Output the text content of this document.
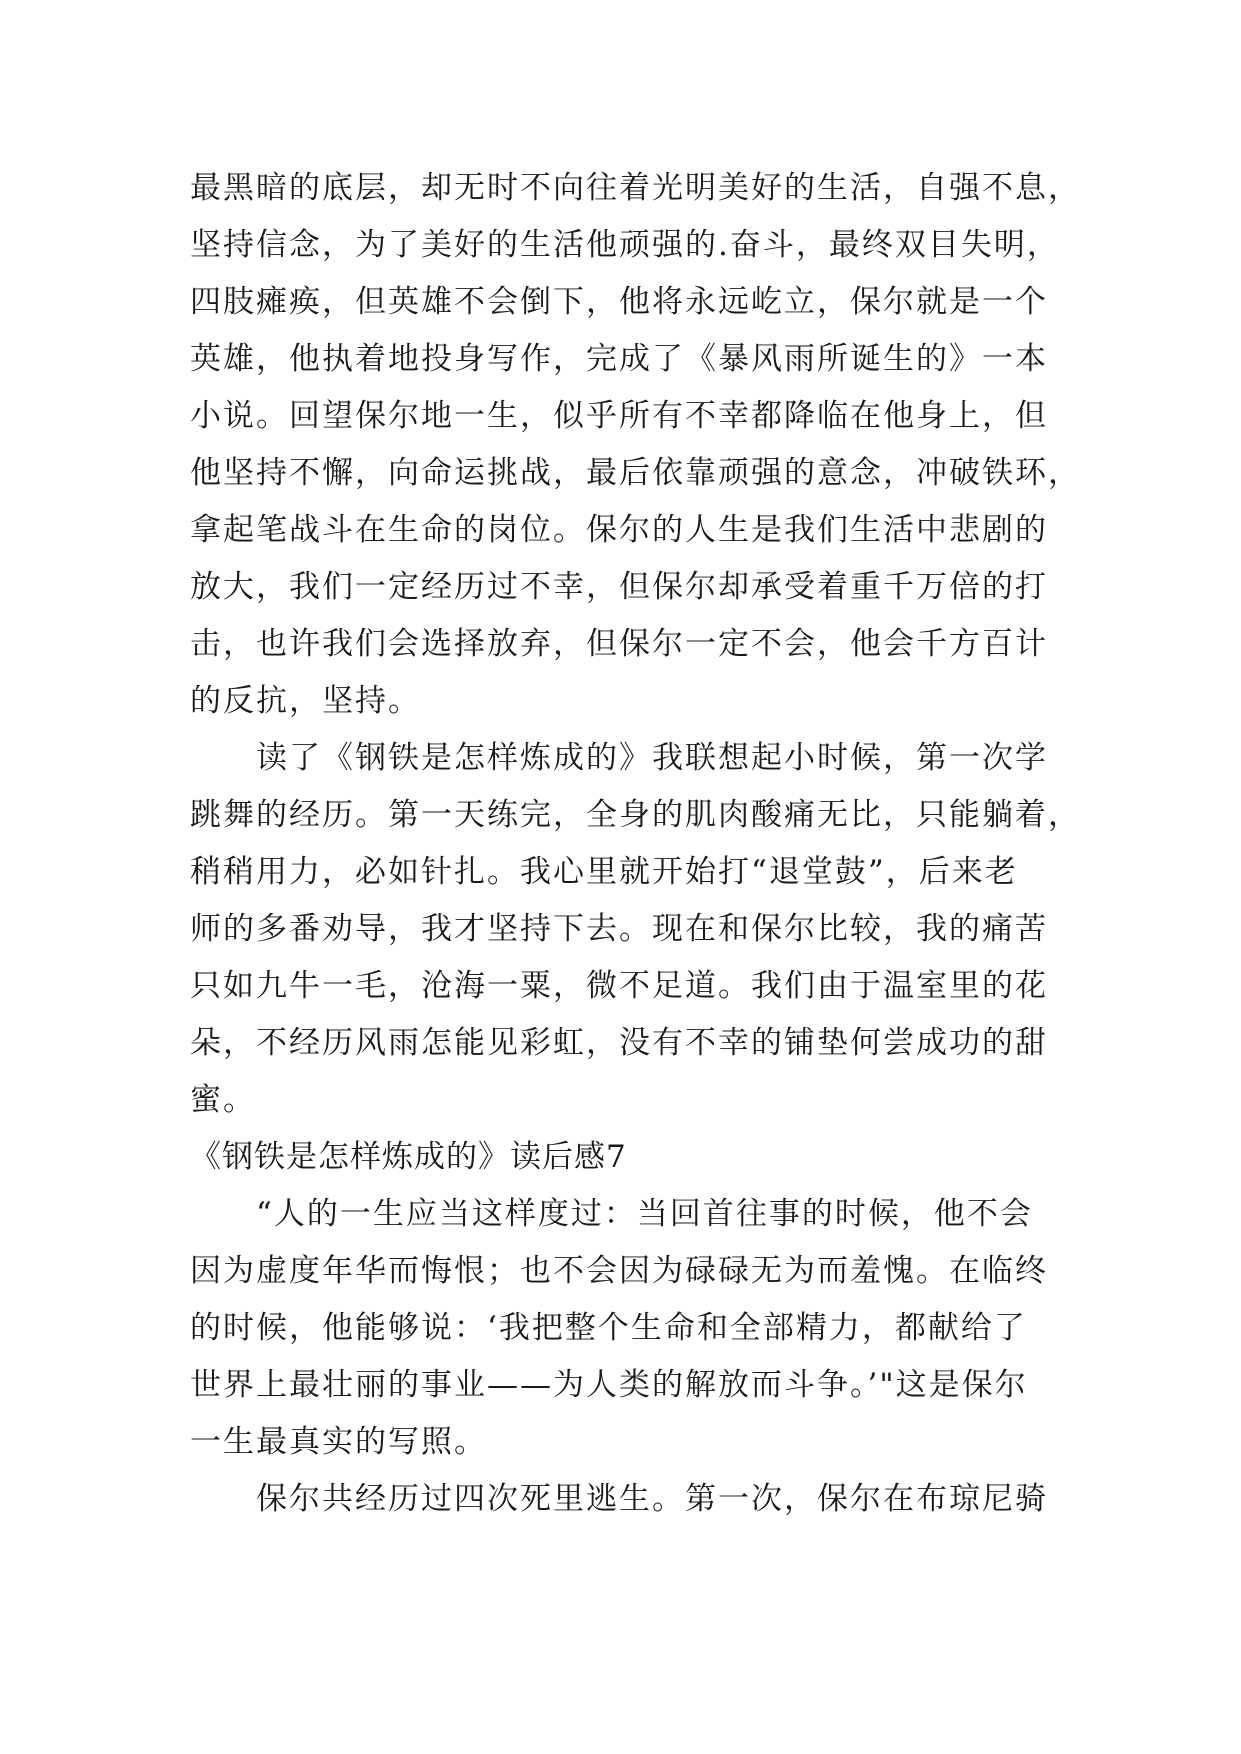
最黑暗的底层，却无时不向往着光明美好的生活，自强不息，
坚持信念，为了美好的生活他顽强的.奋斗，最终双目失明，
四肢瘫痪，但英雄不会倒下，他将永远屹立，保尔就是一个
英雄，他执着地投身写作，完成了《暴风雨所诞生的》一本
小说。回望保尔地一生，似乎所有不幸都降临在他身上，但
他坚持不懈，向命运挑战，最后依靠顽强的意念，冲破铁环，
拿起笔战斗在生命的岗位。保尔的人生是我们生活中悲剧的
放大，我们一定经历过不幸，但保尔却承受着重千万倍的打
击，也许我们会选择放弃，但保尔一定不会，他会千方百计
的反抗，坚持。
读了《钢铁是怎样炼成的》我联想起小时候，第一次学
跳舞的经历。第一天练完，全身的肌肉酸痛无比，只能躺着，
稍稍用力，必如针扎。我心里就开始打“退堂鼓”，后来老
师的多番劝导，我才坚持下去。现在和保尔比较，我的痛苦
只如九牛一毛，沧海一粟，微不足道。我们由于温室里的花
朵，不经历风雨怎能见彩虹，没有不幸的铺垫何尝成功的甜
蜜。
《钢铁是怎样炼成的》读后感7
“人的一生应当这样度过：当回首往事的时候，他不会
因为虚度年华而悔恨；也不会因为碌碌无为而羞愧。在临终
的时候，他能够说：‘我把整个生命和全部精力，都献给了
世界上最壮丽的事业——为人类的解放而斗争。’"这是保尔
一生最真实的写照。
保尔共经历过四次死里逃生。第一次，保尔在布琼尼骑
